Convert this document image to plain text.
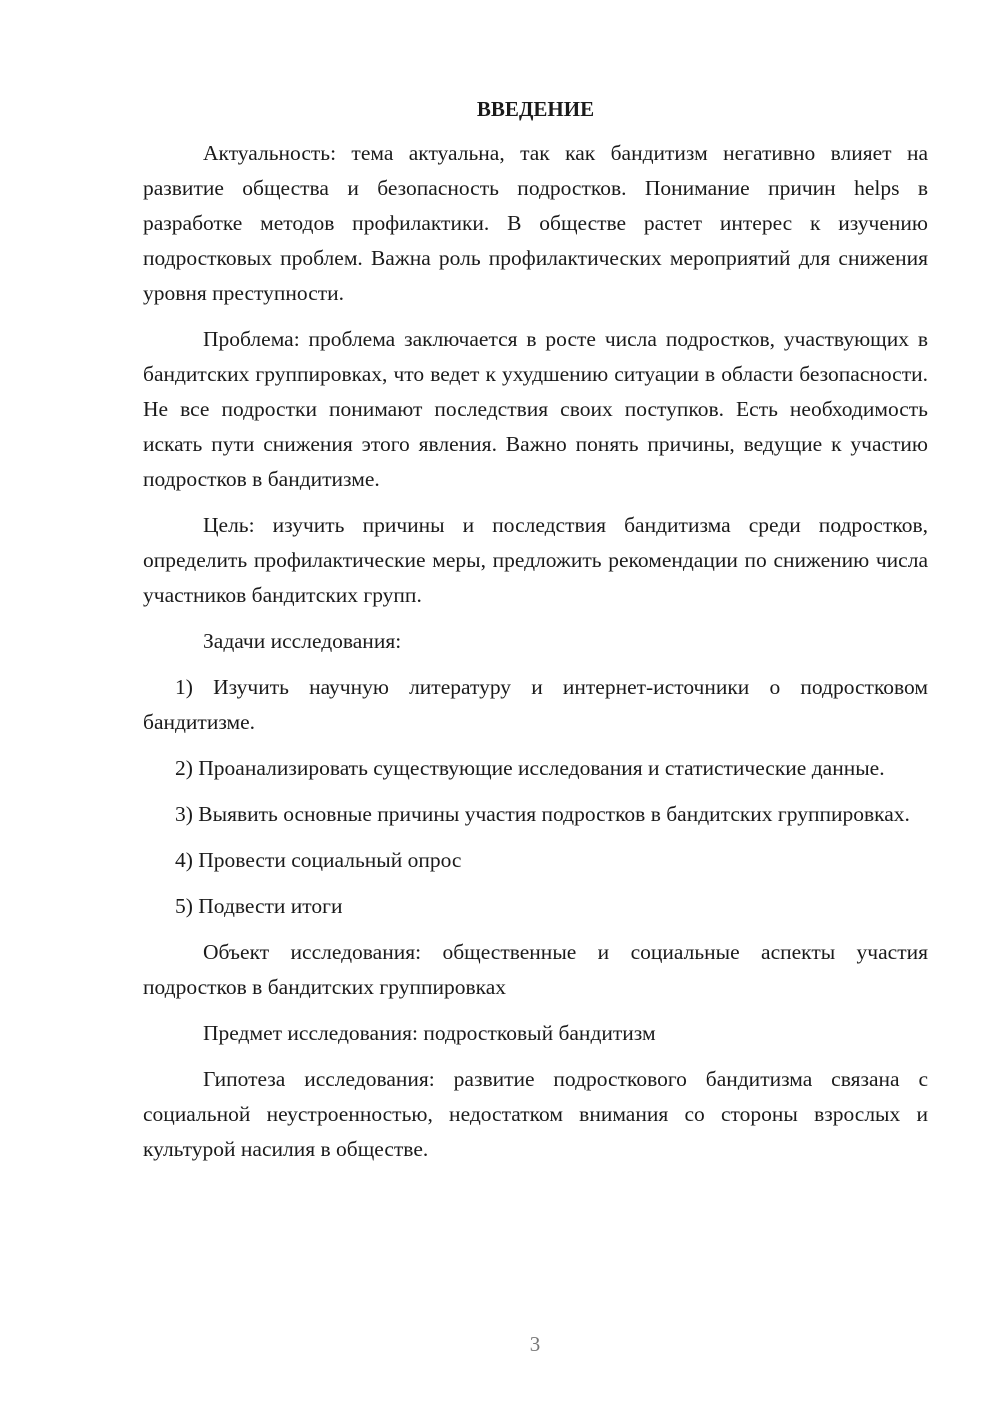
ВВЕДЕНИЕ

Актуальность: тема актуальна, так как бандитизм негативно влияет на развитие общества и безопасность подростков. Понимание причин helps в разработке методов профилактики. В обществе растет интерес к изучению подростковых проблем. Важна роль профилактических мероприятий для снижения уровня преступности.

Проблема: проблема заключается в росте числа подростков, участвующих в бандитских группировках, что ведет к ухудшению ситуации в области безопасности. Не все подростки понимают последствия своих поступков. Есть необходимость искать пути снижения этого явления. Важно понять причины, ведущие к участию подростков в бандитизме.

Цель: изучить причины и последствия бандитизма среди подростков, определить профилактические меры, предложить рекомендации по снижению числа участников бандитских групп.

Задачи исследования:

1) Изучить научную литературу и интернет-источники о подростковом бандитизме.

2) Проанализировать существующие исследования и статистические данные.

3) Выявить основные причины участия подростков в бандитских группировках.

4) Провести социальный опрос

5) Подвести итоги

Объект исследования: общественные и социальные аспекты участия подростков в бандитских группировках

Предмет исследования: подростковый бандитизм

Гипотеза исследования: развитие подросткового бандитизма связана с социальной неустроенностью, недостатком внимания со стороны взрослых и культурой насилия в обществе.

3
